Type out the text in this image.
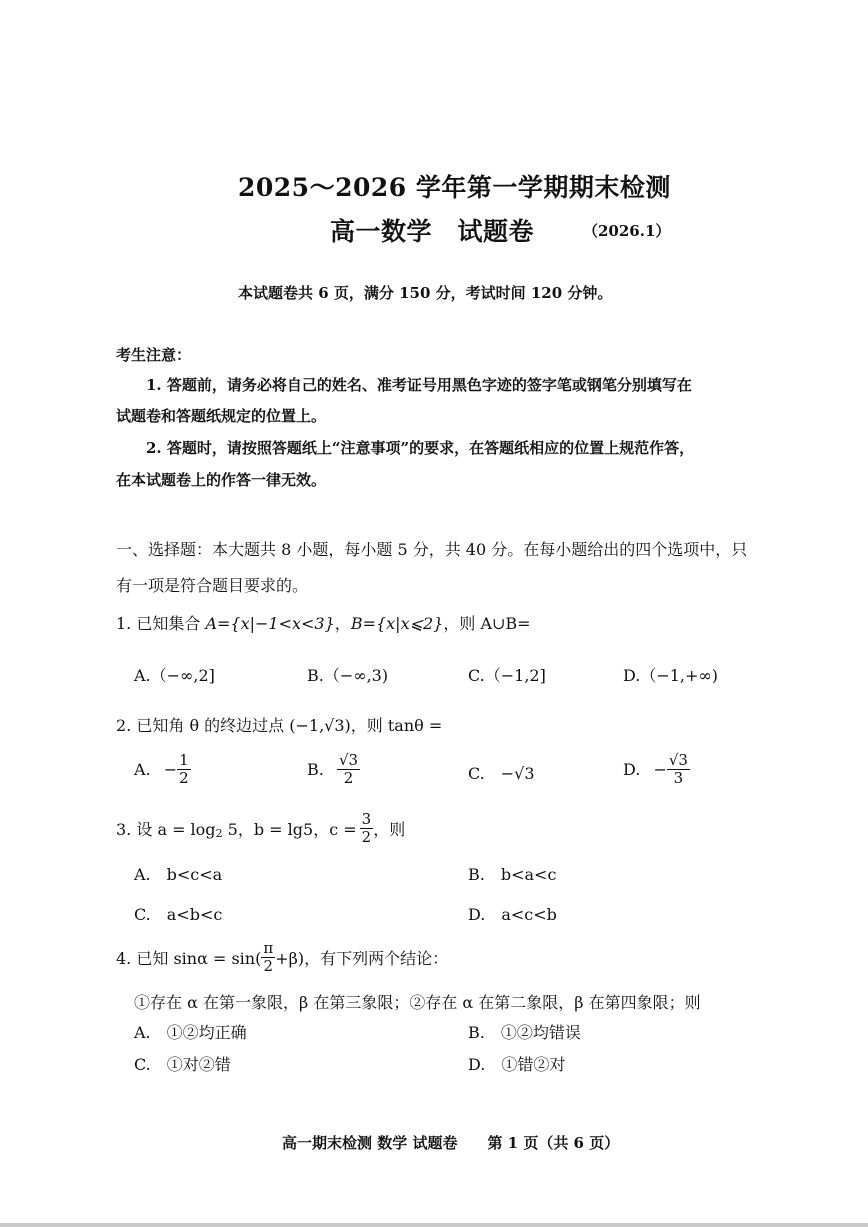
2025～2026 学年第一学期期末检测
高一数学　试题卷	（2026.1）
本试题卷共 6 页，满分 150 分，考试时间 120 分钟。
考生注意：
1. 答题前，请务必将自己的姓名、准考证号用黑色字迹的签字笔或钢笔分别填写在
试题卷和答题纸规定的位置上。
2. 答题时，请按照答题纸上“注意事项”的要求，在答题纸相应的位置上规范作答，
在本试题卷上的作答一律无效。
一、选择题：本大题共 8 小题，每小题 5 分，共 40 分。在每小题给出的四个选项中，只
有一项是符合题目要求的。
1. 已知集合 A={x|−1<x<3}，B={x|x⩽2}，则 A∪B=
A.（−∞,2]	B.（−∞,3)	C.（−1,2]	D.（−1,+∞)
2. 已知角 θ 的终边过点 (−1,√3)，则 tanθ =
A. − $\frac{1}{2}$	B. $\frac{√3}{2}$	C.　−√3	D. − $\frac{√3}{3}$
3. 设 $a = \log_2 5$，b = lg5，$c = \frac{3}{2}$ ，则
A.　b<c<a	B.　b<a<c
C.　a<b<c	D.　a<c<b
4. 已知 $\sin\alpha = \sin( \frac{\pi}{2} +\beta)$，有下列两个结论：
①存在 α 在第一象限，β 在第三象限；②存在 α 在第二象限，β 在第四象限；则
A.　①②均正确	B.　①②均错误
C.　①对②错	D.　①错②对
高一期末检测 数学 试题卷　　第 1 页（共 6 页）
